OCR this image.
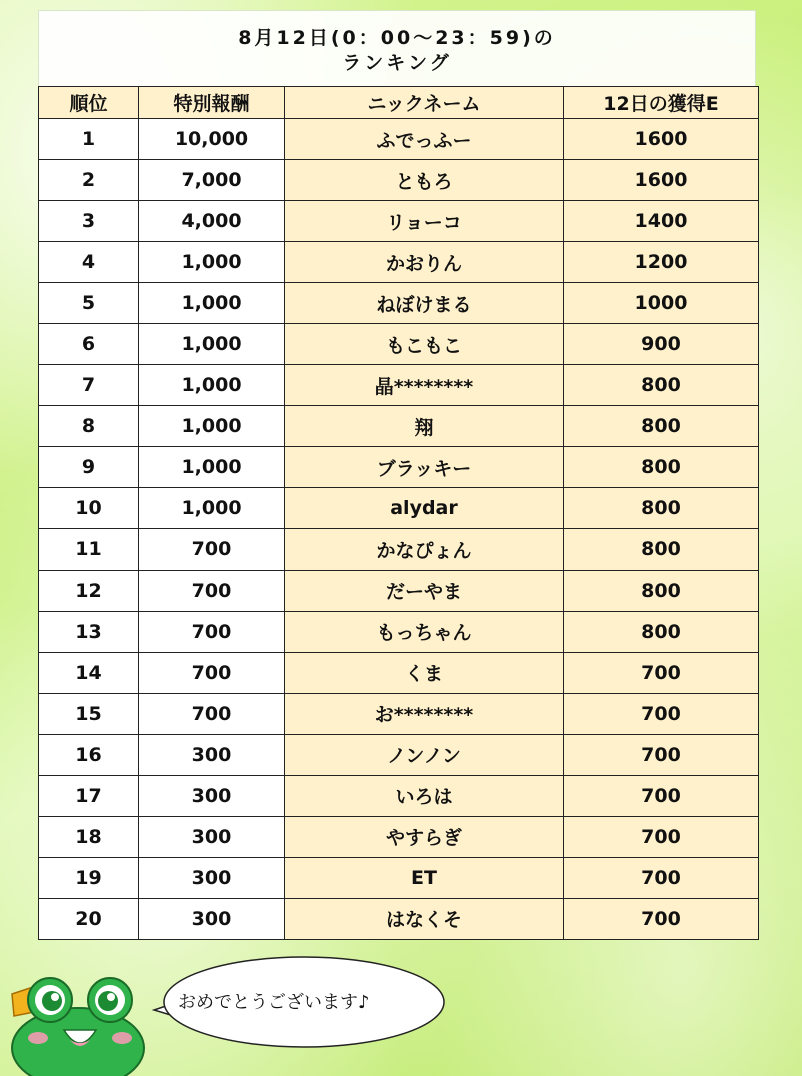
8月12日(0：00～23：59)の
ランキング
順位	特別報酬	ニックネーム	12日の獲得E
1	10,000	ふでっふー	1600
2	7,000	ともろ	1600
3	4,000	リョーコ	1400
4	1,000	かおりん	1200
5	1,000	ねぼけまる	1000
6	1,000	もこもこ	900
7	1,000	晶********	800
8	1,000	翔	800
9	1,000	ブラッキー	800
10	1,000	alydar	800
11	700	かなぴょん	800
12	700	だーやま	800
13	700	もっちゃん	800
14	700	くま	700
15	700	お********	700
16	300	ノンノン	700
17	300	いろは	700
18	300	やすらぎ	700
19	300	ET	700
20	300	はなくそ	700
おめでとうございます♪
